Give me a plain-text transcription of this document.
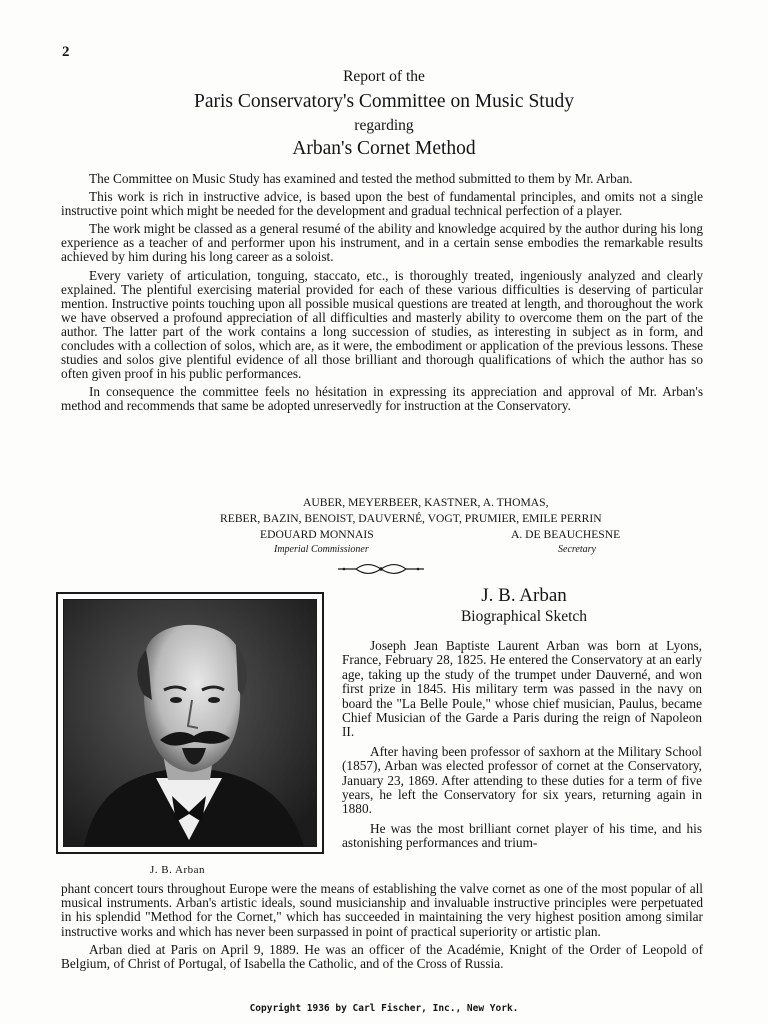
2
Report of the
Paris Conservatory's Committee on Music Study
regarding
Arban's Cornet Method

The Committee on Music Study has examined and tested the method submitted to them by Mr. Arban.

This work is rich in instructive advice, is based upon the best of fundamental principles, and omits not a single instructive point which might be needed for the development and gradual technical perfection of a player.

The work might be classed as a general resumé of the ability and knowledge acquired by the author during his long experience as a teacher of and performer upon his instrument, and in a certain sense embodies the remarkable results achieved by him during his long career as a soloist.

Every variety of articulation, tonguing, staccato, etc., is thoroughly treated, ingeniously analyzed and clearly explained. The plentiful exercising material provided for each of these various difficulties is deserving of particular mention. Instructive points touching upon all possible musical questions are treated at length, and thoroughout the work we have observed a profound appreciation of all difficulties and masterly ability to overcome them on the part of the author. The latter part of the work contains a long succession of studies, as interesting in subject as in form, and concludes with a collection of solos, which are, as it were, the embodiment or application of the previous lessons. These studies and solos give plentiful evidence of all those brilliant and thorough qualifications of which the author has so often given proof in his public performances.

In consequence the committee feels no hésitation in expressing its appreciation and approval of Mr. Arban's method and recommends that same be adopted unreservedly for instruction at the Conservatory.

AUBER, MEYERBEER, KASTNER, A. THOMAS,
REBER, BAZIN, BENOIST, DAUVERNÉ, VOGT, PRUMIER, EMILE PERRIN
EDOUARD MONNAIS
Imperial Commissioner
A. DE BEAUCHESNE
Secretary
J. B. Arban
J. B. Arban
Biographical Sketch

Joseph Jean Baptiste Laurent Arban was born at Lyons, France, February 28, 1825. He entered the Conservatory at an early age, taking up the study of the trumpet under Dauverné, and won first prize in 1845. His military term was passed in the navy on board the "La Belle Poule," whose chief musician, Paulus, became Chief Musician of the Garde a Paris during the reign of Napoleon II.

After having been professor of saxhorn at the Military School (1857), Arban was elected professor of cornet at the Conservatory, January 23, 1869. After attending to these duties for a term of five years, he left the Conservatory for six years, returning again in 1880.

He was the most brilliant cornet player of his time, and his astonishing performances and trium-

phant concert tours throughout Europe were the means of establishing the valve cornet as one of the most popular of all musical instruments. Arban's artistic ideals, sound musicianship and invaluable instructive principles were perpetuated in his splendid "Method for the Cornet," which has succeeded in maintaining the very highest position among similar instructive works and which has never been surpassed in point of practical superiority or artistic plan.

Arban died at Paris on April 9, 1889. He was an officer of the Académie, Knight of the Order of Leopold of Belgium, of Christ of Portugal, of Isabella the Catholic, and of the Cross of Russia.

Copyright 1936 by Carl Fischer, Inc., New York.
